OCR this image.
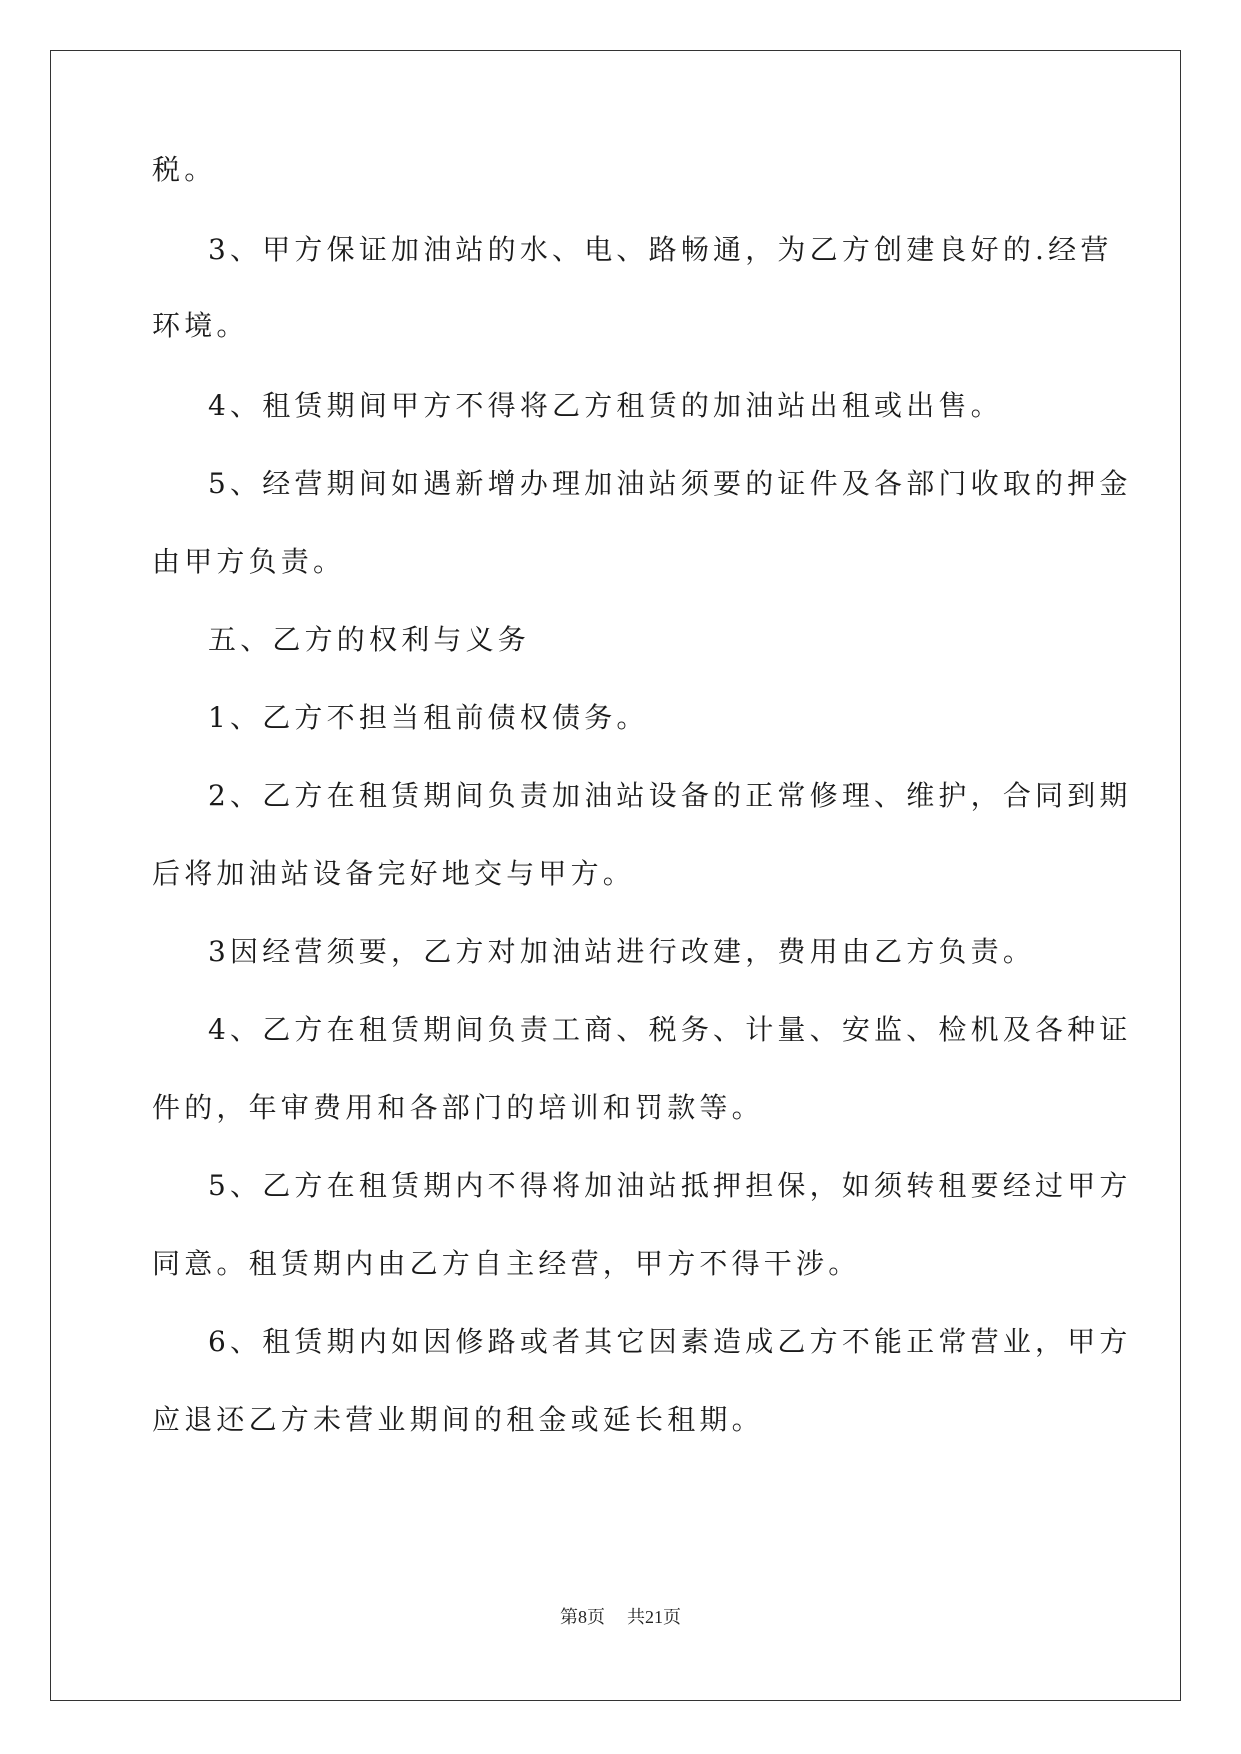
税。
3、甲方保证加油站的水、电、路畅通，为乙方创建良好的.经营
环境。
4、租赁期间甲方不得将乙方租赁的加油站出租或出售。
5、经营期间如遇新增办理加油站须要的证件及各部门收取的押金
由甲方负责。
五、乙方的权利与义务
1、乙方不担当租前债权债务。
2、乙方在租赁期间负责加油站设备的正常修理、维护，合同到期
后将加油站设备完好地交与甲方。
3因经营须要，乙方对加油站进行改建，费用由乙方负责。
4、乙方在租赁期间负责工商、税务、计量、安监、检机及各种证
件的，年审费用和各部门的培训和罚款等。
5、乙方在租赁期内不得将加油站抵押担保，如须转租要经过甲方
同意。租赁期内由乙方自主经营，甲方不得干涉。
6、租赁期内如因修路或者其它因素造成乙方不能正常营业，甲方
应退还乙方未营业期间的租金或延长租期。
第8页 共21页
